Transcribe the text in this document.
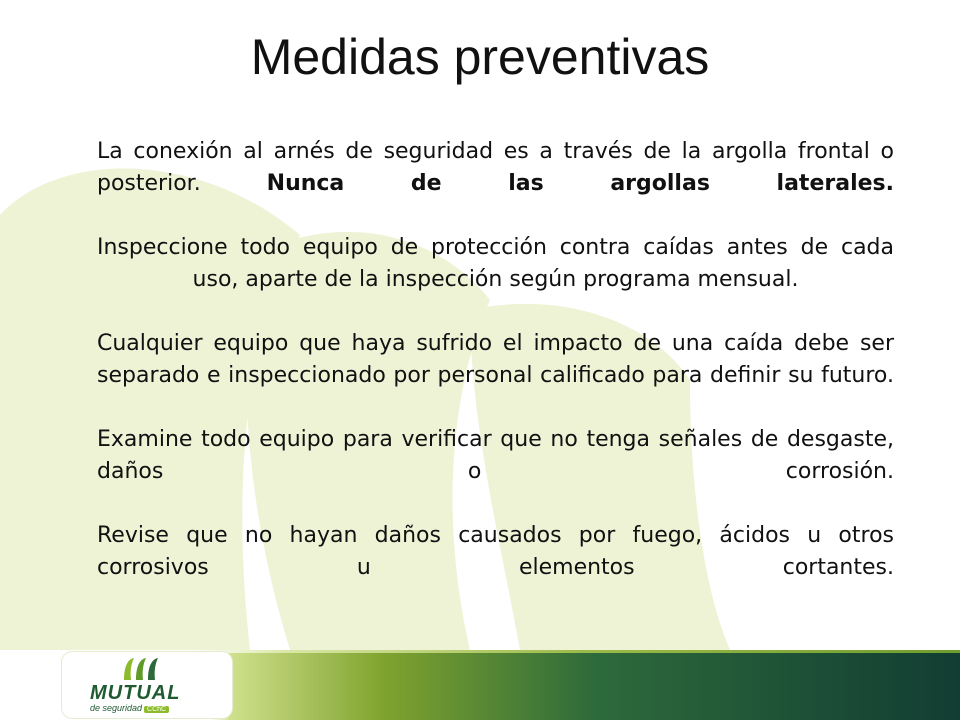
Medidas preventivas

La conexión al arnés de seguridad es a través de la argolla frontal o posterior. Nunca de las argollas laterales.

Inspeccione todo equipo de protección contra caídas antes de cada uso, aparte de la inspección según programa mensual.

Cualquier equipo que haya sufrido el impacto de una caída debe ser separado e inspeccionado por personal calificado para definir su futuro.

Examine todo equipo para verificar que no tenga señales de desgaste, daños o corrosión.

Revise que no hayan daños causados por fuego, ácidos u otros corrosivos u elementos cortantes.

MUTUAL
de seguridad CChC
